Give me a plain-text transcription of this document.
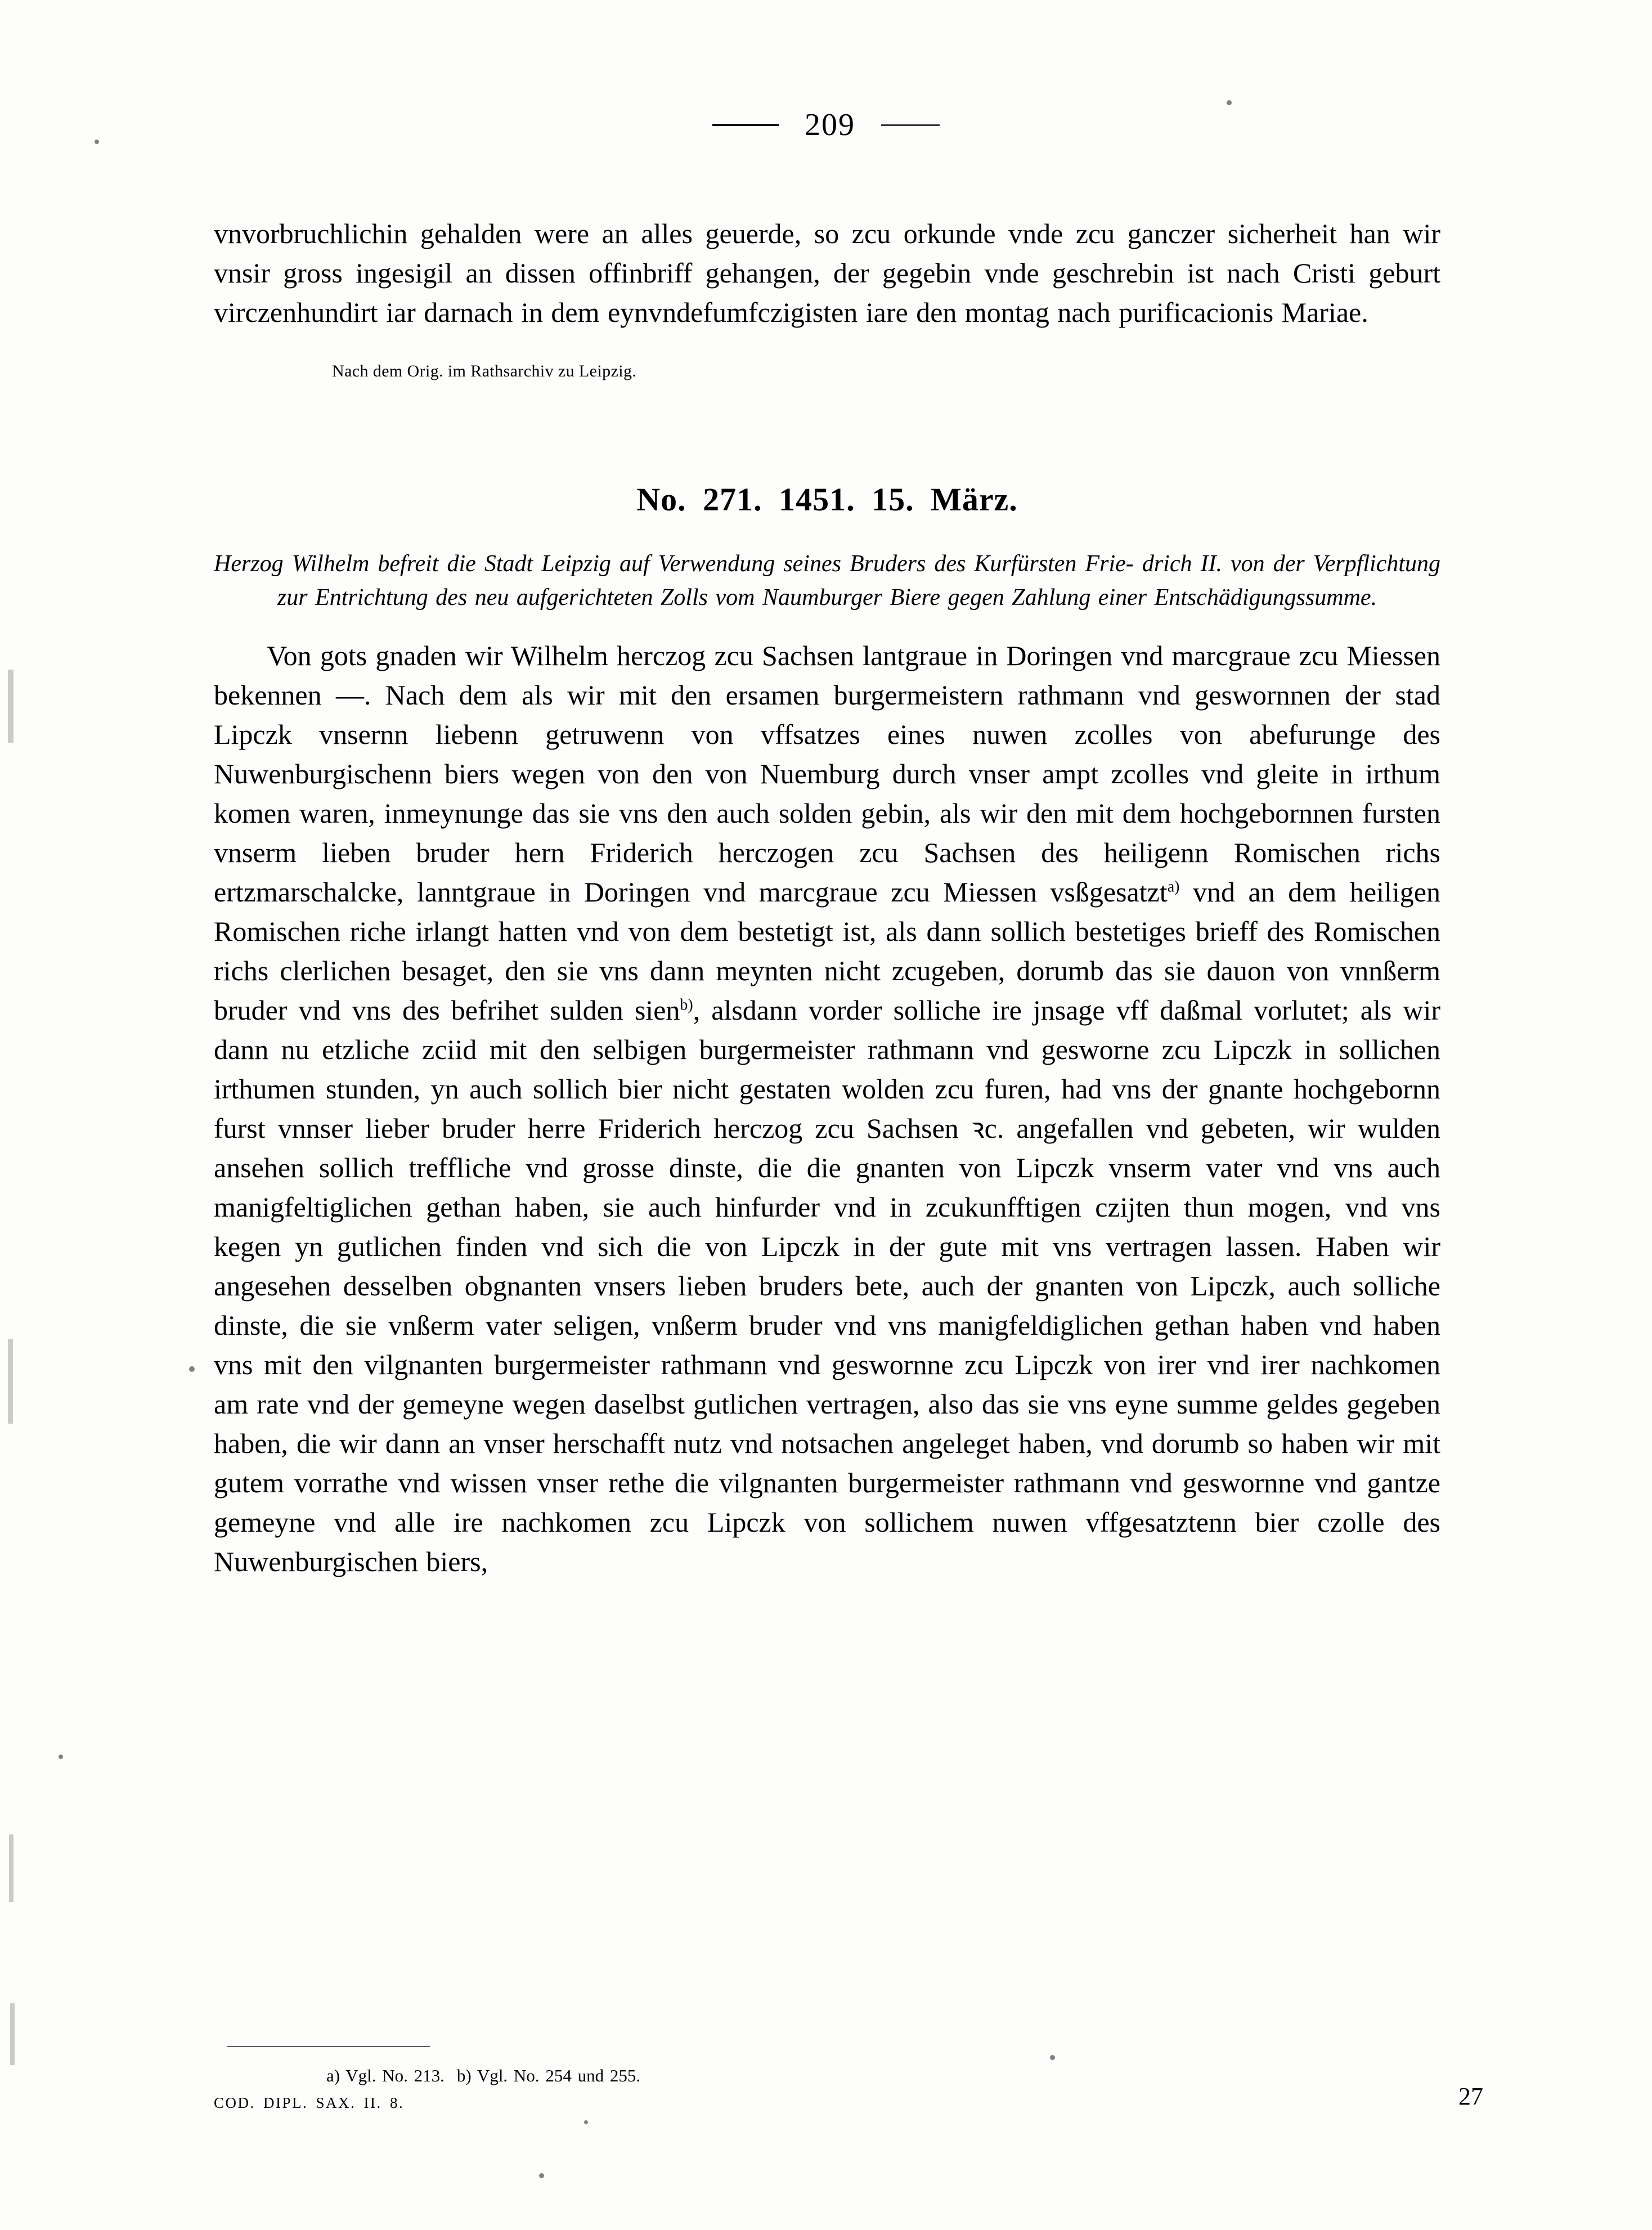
209

vnvorbruchlichin gehalden were an alles geuerde, so zcu orkunde vnde zcu ganczer sicherheit han wir vnsir gross ingesigil an dissen offinbriff gehangen, der gegebin vnde geschrebin ist nach Cristi geburt virczenhundirt iar darnach in dem eynvndefumfczigisten iare den montag nach purificacionis Mariae.

Nach dem Orig. im Rathsarchiv zu Leipzig.

No. 271. 1451. 15. März.
Herzog Wilhelm befreit die Stadt Leipzig auf Verwendung seines Bruders des Kurfürsten Frie- drich II. von der Verpflichtung zur Entrichtung des neu aufgerichteten Zolls vom Naumburger Biere gegen Zahlung einer Entschädigungssumme.

Von gots gnaden wir Wilhelm herczog zcu Sachsen lantgraue in Doringen vnd marcgraue zcu Miessen bekennen —. Nach dem als wir mit den ersamen burgermeistern rathmann vnd geswornnen der stad Lipczk vnsernn liebenn getruwenn von vffsatzes eines nuwen zcolles von abefurunge des Nuwenburgischenn biers wegen von den von Nuemburg durch vnser ampt zcolles vnd gleite in irthum komen waren, inmeynunge das sie vns den auch solden gebin, als wir den mit dem hochgebornnen fursten vnserm lieben bruder hern Friderich herczogen zcu Sachsen des heiligenn Romischen richs ertzmarschalcke, lanntgraue in Doringen vnd marcgraue zcu Miessen vsßgesatzt$^{a)}$ vnd an dem heiligen Romischen riche irlangt hatten vnd von dem bestetigt ist, als dann sollich bestetiges brieff des Romischen richs clerlichen besaget, den sie vns dann meynten nicht zcugeben, dorumb das sie dauon von vnnßerm bruder vnd vns des befrihet sulden sien$^{b)}$, alsdann vorder solliche ire jnsage vff daßmal vorlutet; als wir dann nu etzliche zciid mit den selbigen burgermeister rathmann vnd gesworne zcu Lipczk in sollichen irthumen stunden, yn auch sollich bier nicht gestaten wolden zcu furen, had vns der gnante hochgebornn furst vnnser lieber bruder herre Friderich herczog zcu Sachsen ꝛc. angefallen vnd gebeten, wir wulden ansehen sollich treffliche vnd grosse dinste, die die gnanten von Lipczk vnserm vater vnd vns auch manigfeltiglichen gethan haben, sie auch hinfurder vnd in zcukunfftigen czijten thun mogen, vnd vns kegen yn gutlichen finden vnd sich die von Lipczk in der gute mit vns vertragen lassen. Haben wir angesehen desselben obgnanten vnsers lieben bruders bete, auch der gnanten von Lipczk, auch solliche dinste, die sie vnßerm vater seligen, vnßerm bruder vnd vns manigfeldiglichen gethan haben vnd haben vns mit den vilgnanten burgermeister rathmann vnd geswornne zcu Lipczk von irer vnd irer nachkomen am rate vnd der gemeyne wegen daselbst gutlichen vertragen, also das sie vns eyne summe geldes gegeben haben, die wir dann an vnser herschafft nutz vnd notsachen angeleget haben, vnd dorumb so haben wir mit gutem vorrathe vnd wissen vnser rethe die vilgnanten burgermeister rathmann vnd geswornne vnd gantze gemeyne vnd alle ire nachkomen zcu Lipczk von sollichem nuwen vffgesatztenn bier czolle des Nuwenburgischen biers,

a) Vgl. No. 213. b) Vgl. No. 254 und 255.
COD. DIPL. SAX. II. 8.	27
